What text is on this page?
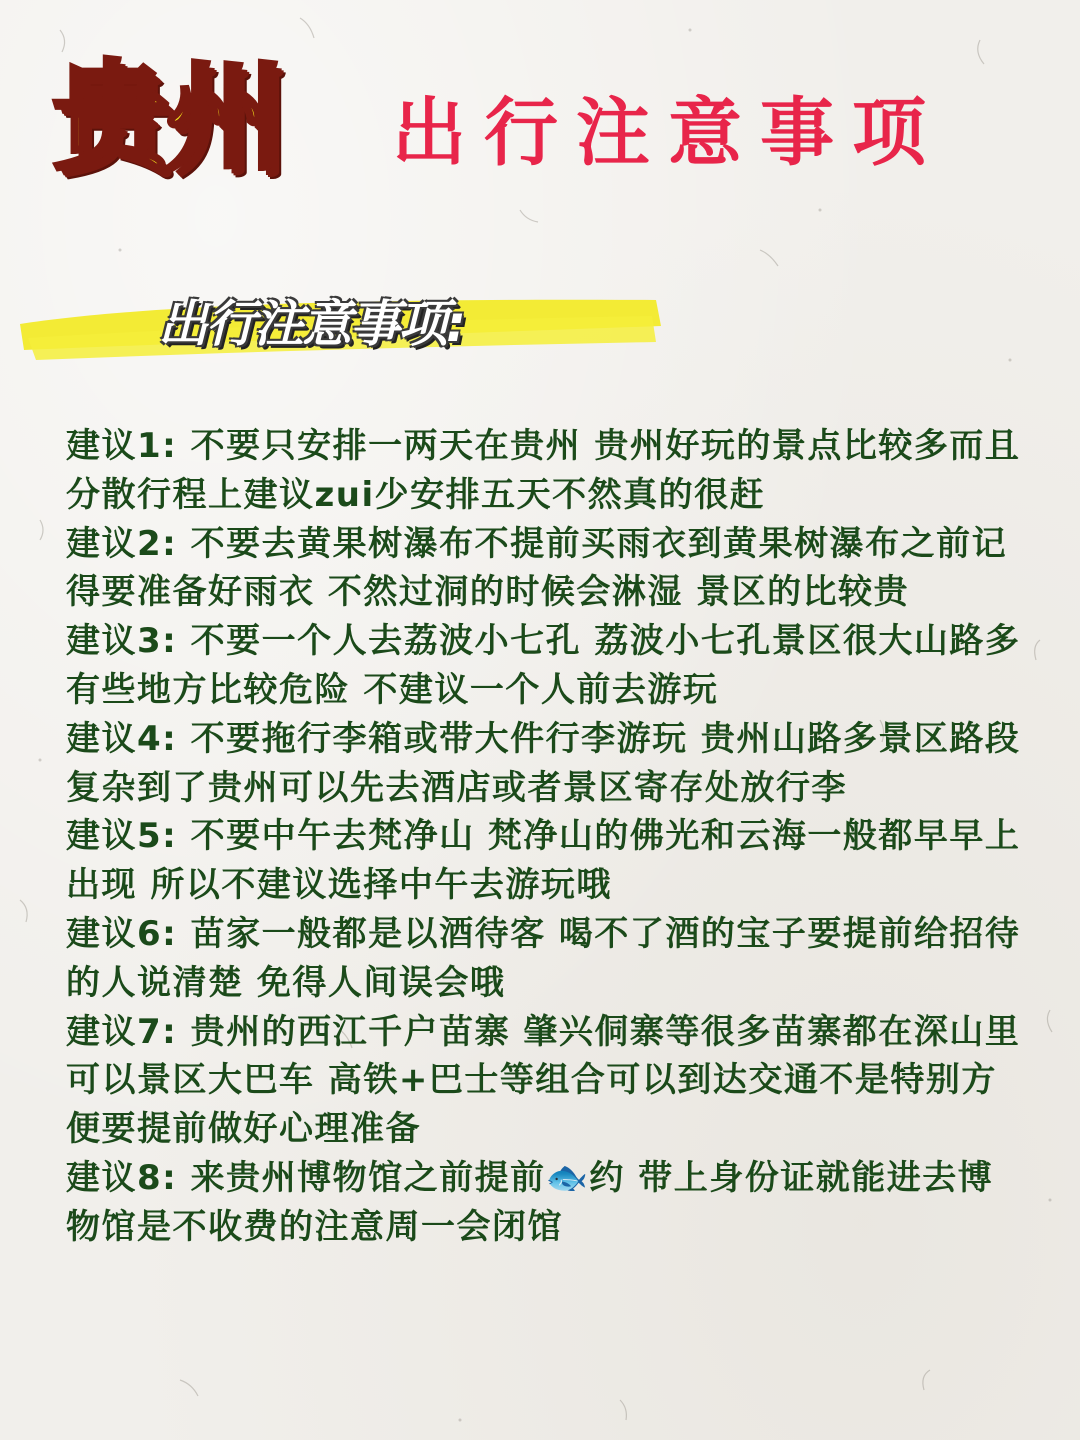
贵州 出行注意事项
出行注意事项:

建议1: 不要只安排一两天在贵州 贵州好玩的景点比较多而且分散行程上建议zui少安排五天不然真的很赶

建议2: 不要去黄果树瀑布不提前买雨衣到黄果树瀑布之前记得要准备好雨衣 不然过洞的时候会淋湿 景区的比较贵

建议3: 不要一个人去荔波小七孔 荔波小七孔景区很大山路多有些地方比较危险 不建议一个人前去游玩

建议4: 不要拖行李箱或带大件行李游玩 贵州山路多景区路段复杂到了贵州可以先去酒店或者景区寄存处放行李

建议5: 不要中午去梵净山 梵净山的佛光和云海一般都早早上出现 所以不建议选择中午去游玩哦

建议6: 苗家一般都是以酒待客 喝不了酒的宝子要提前给招待的人说清楚 免得人间误会哦

建议7: 贵州的西江千户苗寨 肇兴侗寨等很多苗寨都在深山里可以景区大巴车 高铁+巴士等组合可以到达交通不是特别方便要提前做好心理准备

建议8: 来贵州博物馆之前提前🐟约 带上身份证就能进去博物馆是不收费的注意周一会闭馆
